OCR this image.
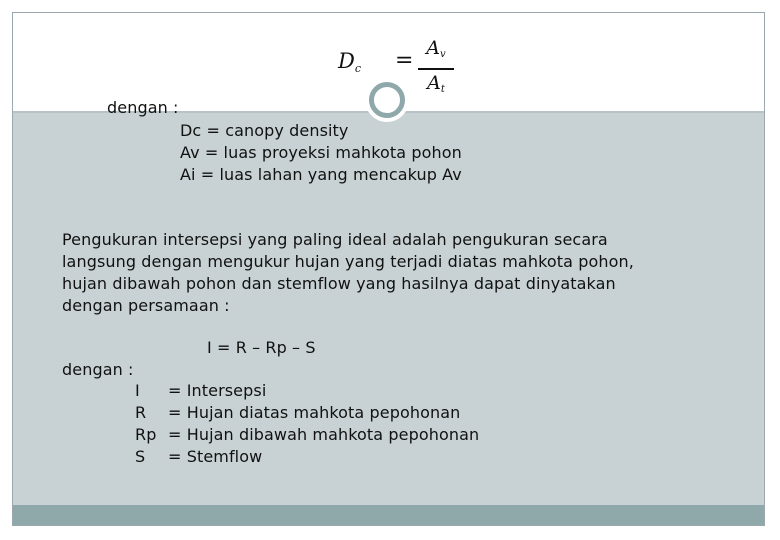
$D_c = A_v$
$A_t$
dengan :
Dc = canopy density
Av = luas proyeksi mahkota pohon
Ai = luas lahan yang mencakup Av
Pengukuran intersepsi yang paling ideal adalah pengukuran secara
langsung dengan mengukur hujan yang terjadi diatas mahkota pohon,
hujan dibawah pohon dan stemflow yang hasilnya dapat dinyatakan
dengan persamaan :
I = R – Rp – S
dengan :
I = Intersepsi
R = Hujan diatas mahkota pepohonan
Rp = Hujan dibawah mahkota pepohonan
S = Stemflow
